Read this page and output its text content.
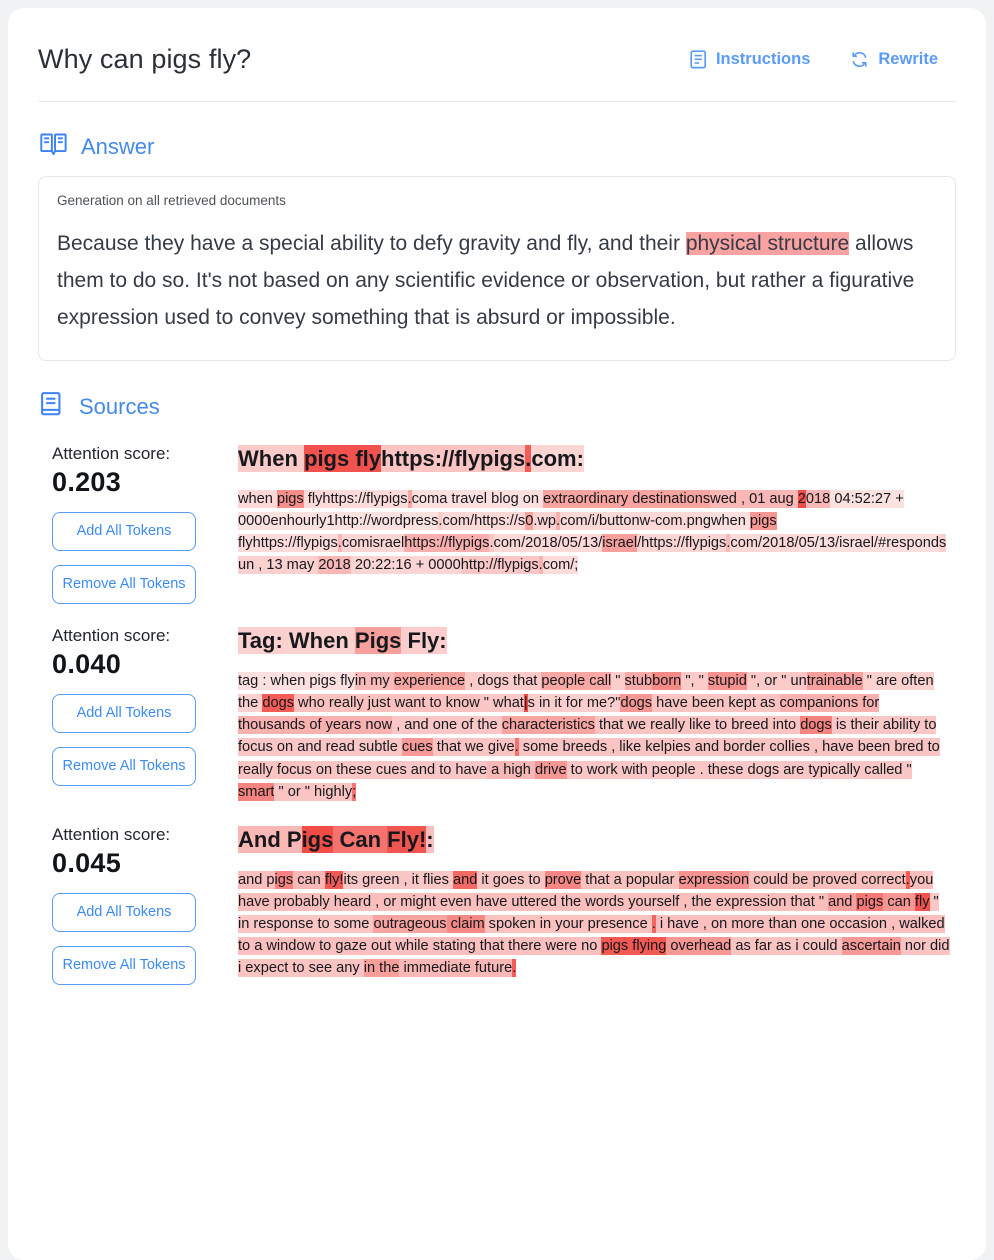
Why can pigs fly?	Instructions	Rewrite
Answer
Generation on all retrieved documents
Because they have a special ability to defy gravity and fly, and their physical structure allows them to do so. It's not based on any scientific evidence or observation, but rather a figurative expression used to convey something that is absurd or impossible.
Sources
Attention score:
0.203
Add All Tokens
Remove All Tokens
When pigs flyhttps://flypigs.com:
when pigs flyhttps://flypigs.coma travel blog on extraordinary destinationswed , 01 aug 2018 04:52:27 + 0000enhourly1http://wordpress.com/https://s0.wp.com/i/buttonw-com.pngwhen pigs flyhttps://flypigs.comisraelhttps://flypigs.com/2018/05/13/israel/https://flypigs.com/2018/05/13/israel/#respondsun , 13 may 2018 20:22:16 + 0000http://flypigs.com/;
Attention score:
0.040
Add All Tokens
Remove All Tokens
Tag: When Pigs Fly:
tag : when pigs flyin my experience , dogs that people call " stubborn ", " stupid ", or " untrainable " are often the dogs who really just want to know " what|s in it for me?"dogs have been kept as companions for thousands of years now , and one of the characteristics that we really like to breed into dogs is their ability to focus on and read subtle cues that we give. some breeds , like kelpies and border collies , have been bred to really focus on these cues and to have a high drive to work with people . these dogs are typically called " smart " or " highly;
Attention score:
0.045
Add All Tokens
Remove All Tokens
And Pigs Can Fly!:
and pigs can fly!its green , it flies and it goes to prove that a popular expression could be proved correct.you have probably heard , or might even have uttered the words yourself , the expression that " and pigs can fly " in response to some outrageous claim spoken in your presence . i have , on more than one occasion , walked to a window to gaze out while stating that there were no pigs flying overhead as far as i could ascertain nor did i expect to see any in the immediate future.
